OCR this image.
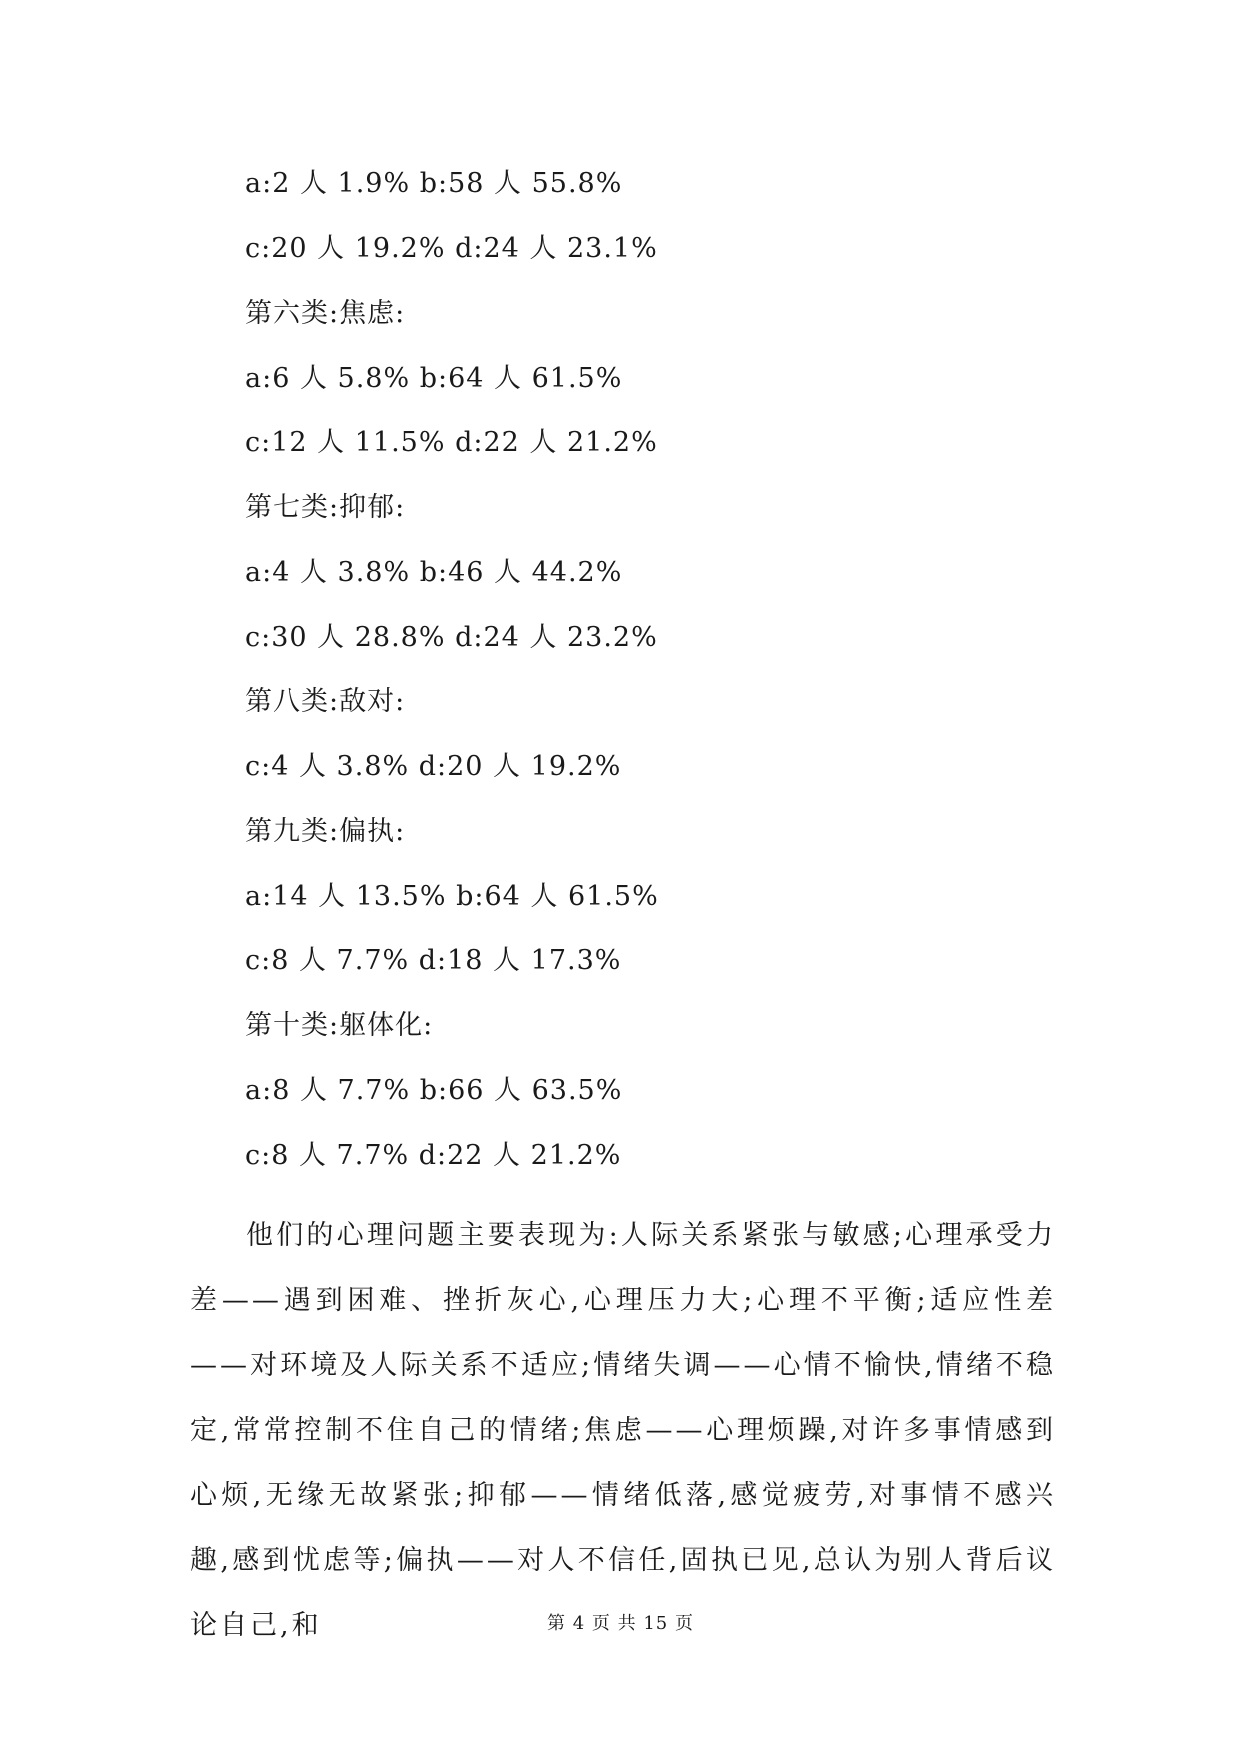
a:2 人 1.9% b:58 人 55.8%
c:20 人 19.2% d:24 人 23.1%
第六类:焦虑:
a:6 人 5.8% b:64 人 61.5%
c:12 人 11.5% d:22 人 21.2%
第七类:抑郁:
a:4 人 3.8% b:46 人 44.2%
c:30 人 28.8% d:24 人 23.2%
第八类:敌对:
c:4 人 3.8% d:20 人 19.2%
第九类:偏执:
a:14 人 13.5% b:64 人 61.5%
c:8 人 7.7% d:18 人 17.3%
第十类:躯体化:
a:8 人 7.7% b:66 人 63.5%
c:8 人 7.7% d:22 人 21.2%
他们的心理问题主要表现为:人际关系紧张与敏感;心理承受力差——遇到困难、挫折灰心,心理压力大;心理不平衡;适应性差——对环境及人际关系不适应;情绪失调——心情不愉快,情绪不稳定,常常控制不住自己的情绪;焦虑——心理烦躁,对许多事情感到心烦,无缘无故紧张;抑郁——情绪低落,感觉疲劳,对事情不感兴趣,感到忧虑等;偏执——对人不信任,固执已见,总认为别人背后议论自己,和	第 4 页 共 15 页
